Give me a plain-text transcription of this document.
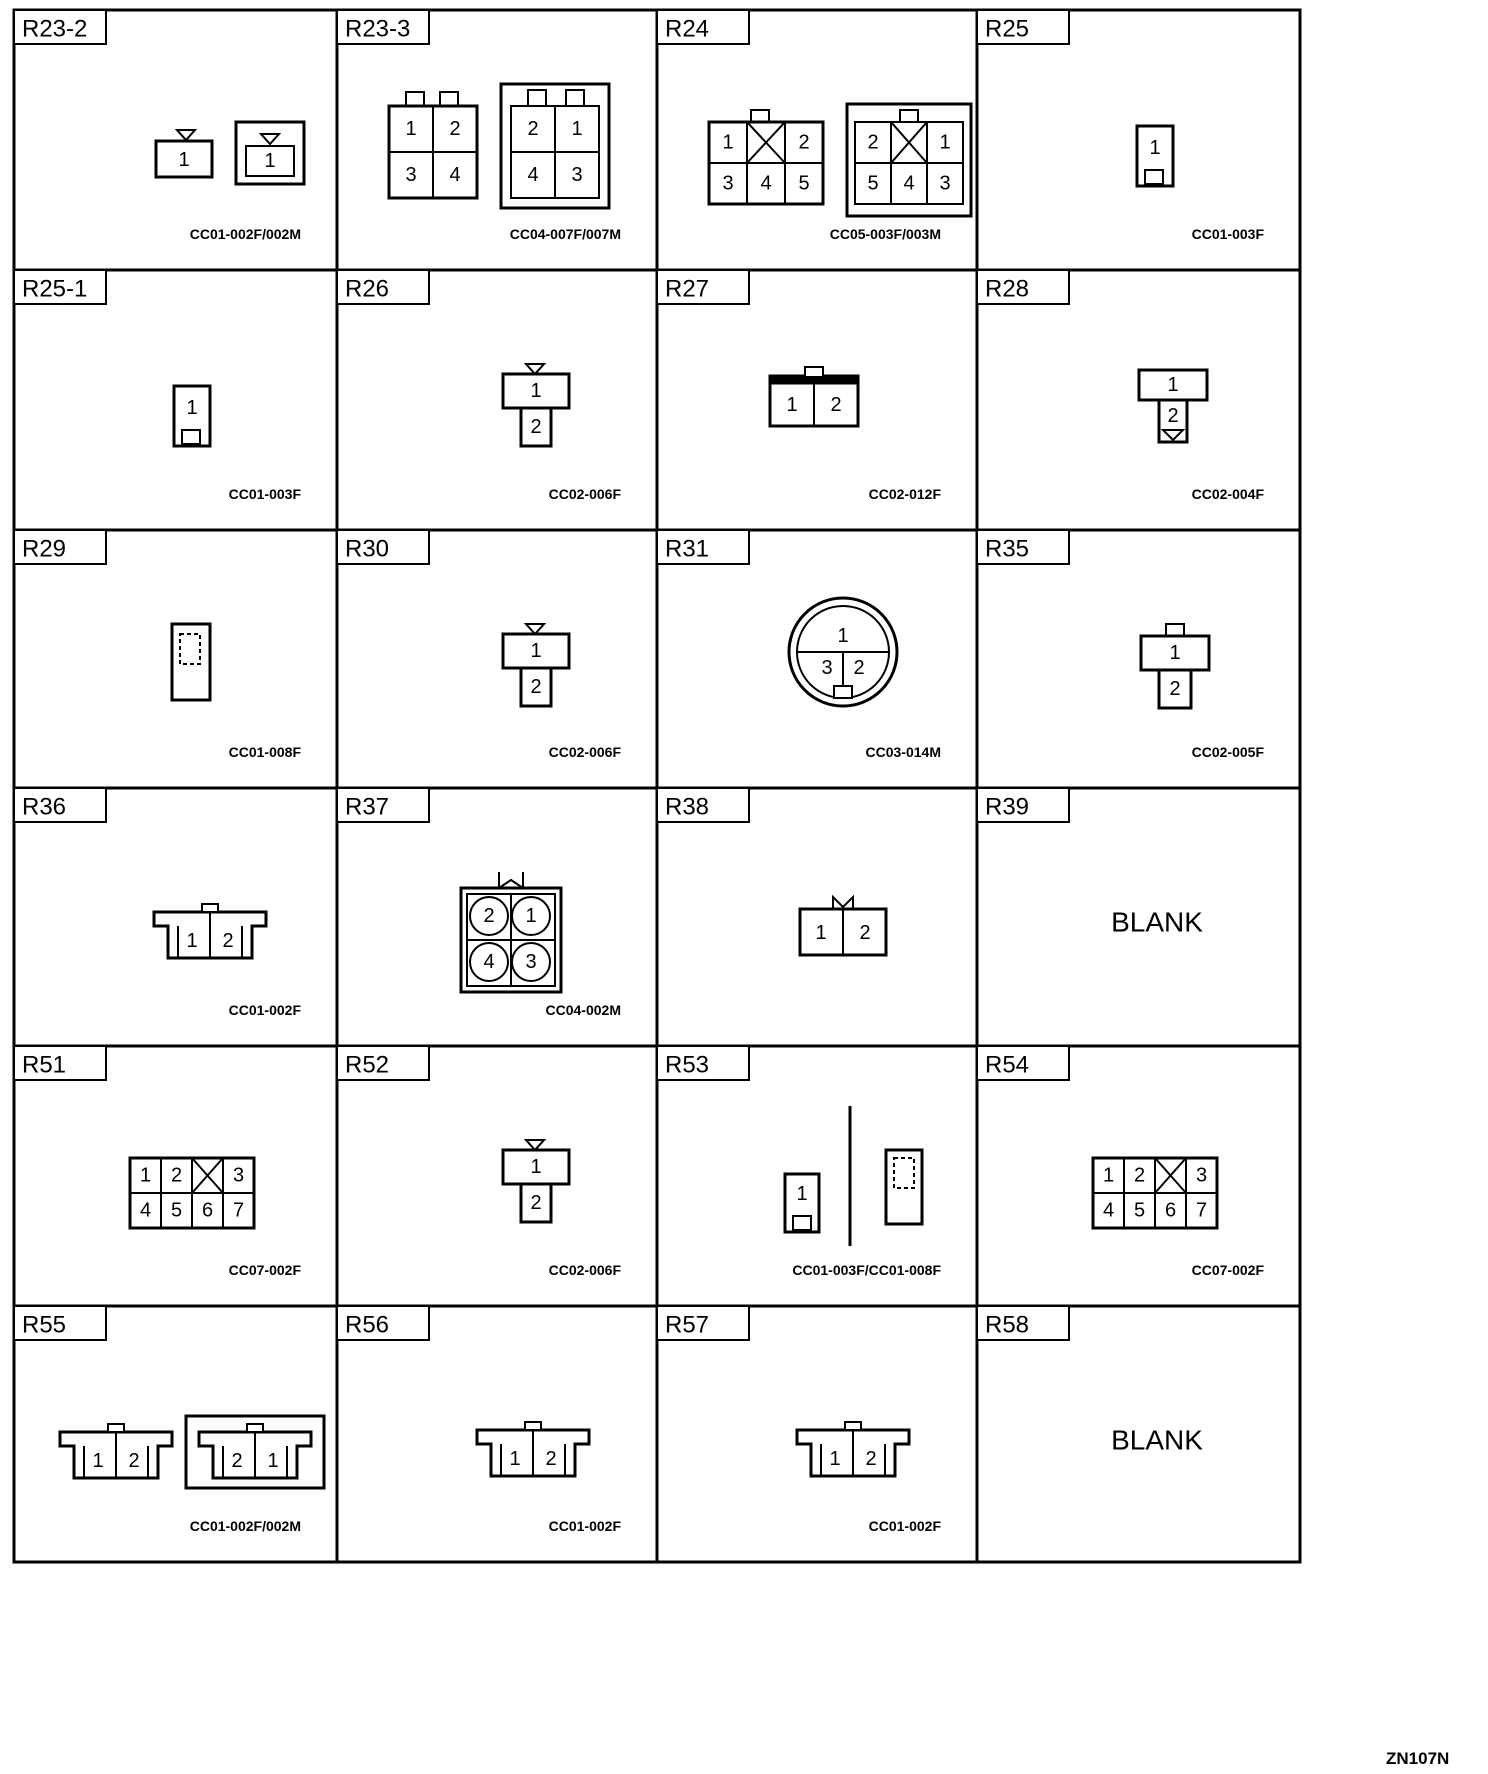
R23-2
1	1
CC01-002F/002M
R23-3
1 2
3 4
2 1
4 3
CC04-007F/007M
R24
1	2
3 4 5
2	1
5 4 3
CC05-003F/003M
R25
1
CC01-003F
R25-1
1
CC01-003F
R26
1
2
CC02-006F
R27
1 2
CC02-012F
R28
1
2
CC02-004F
R29
CC01-008F
R30
1
2
CC02-006F
R31
1
3 2
CC03-014M
R35
1
2
CC02-005F
R36
1 2
CC01-002F
R37
2 1
4 3
CC04-002M
R38
1 2
R39
BLANK
R51
1 2	3
4 5 6 7
CC07-002F
R52
1
2
CC02-006F
R53
1
CC01-003F/CC01-008F
R54
1 2	3
4 5 6 7
CC07-002F
R55
1 2	2 1
CC01-002F/002M
R56
1 2
CC01-002F
R57
1 2
CC01-002F
R58
BLANK
ZN107N
